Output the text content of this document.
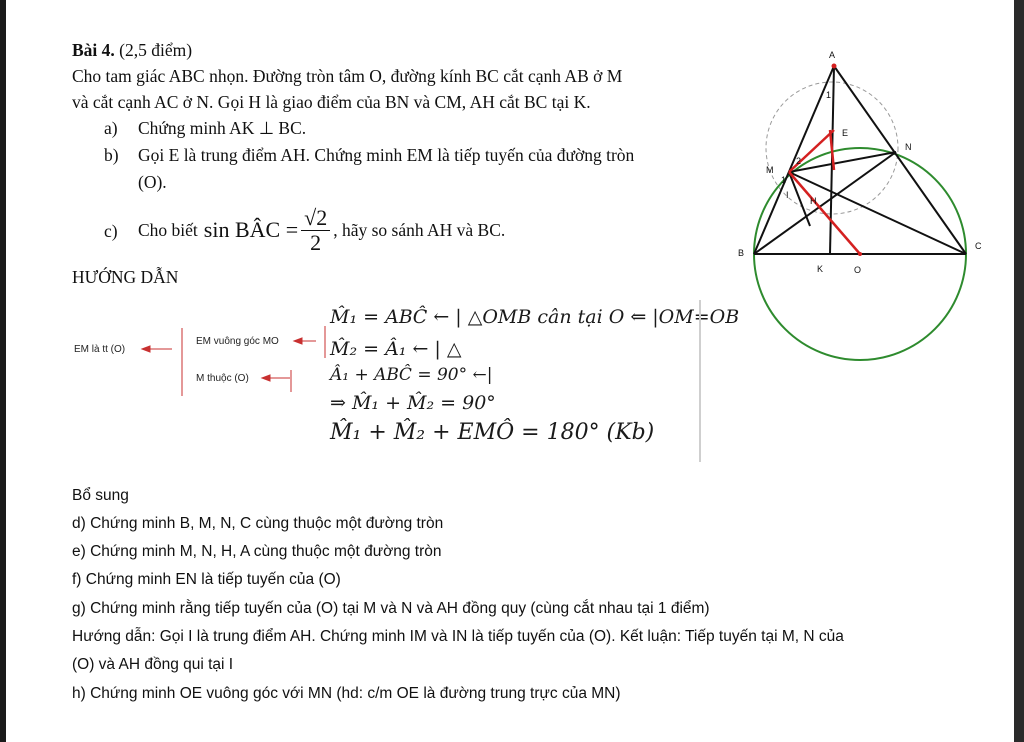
Bài 4. (2,5 điểm)
Cho tam giác ABC nhọn. Đường tròn tâm O, đường kính BC cắt cạnh AB ở M
và cắt cạnh AC ở N. Gọi H là giao điểm của BN và CM, AH cắt BC tại K.
a) Chứng minh AK ⊥ BC.
b) Gọi E là trung điểm AH. Chứng minh EM là tiếp tuyến của đường tròn
(O).
c) Cho biết sin BÂC = $\frac{√2}{2}$ , hãy so sánh AH và BC.
HƯỚNG DẪN
EM là tt (O)
EM vuông góc MO
M thuộc (O)
M̂₁ = ABĈ ← | △OMB cân tại O ⇐ |OM=OB
M̂₂ = Â₁ ← | △
Â₁ + ABĈ = 90° ←|
⇒ M̂₁ + M̂₂ = 90°
M̂₁ + M̂₂ + EMÔ = 180° (Kb)
Bổ sung
d) Chứng minh B, M, N, C cùng thuộc một đường tròn
e) Chứng minh M, N, H, A cùng thuộc một đường tròn
f) Chứng minh EN là tiếp tuyến của (O)
g) Chứng minh rằng tiếp tuyến của (O) tại M và N và AH đồng quy (cùng cắt nhau tại 1 điểm)
Hướng dẫn: Gọi I là trung điểm AH. Chứng minh IM và IN là tiếp tuyến của (O). Kết luận: Tiếp tuyến tại M, N của
(O) và AH đồng qui tại I
h) Chứng minh OE vuông góc với MN (hd: c/m OE là đường trung trực của MN)
A
B
C
M
N
E
K	O
I
H
1
1
2
